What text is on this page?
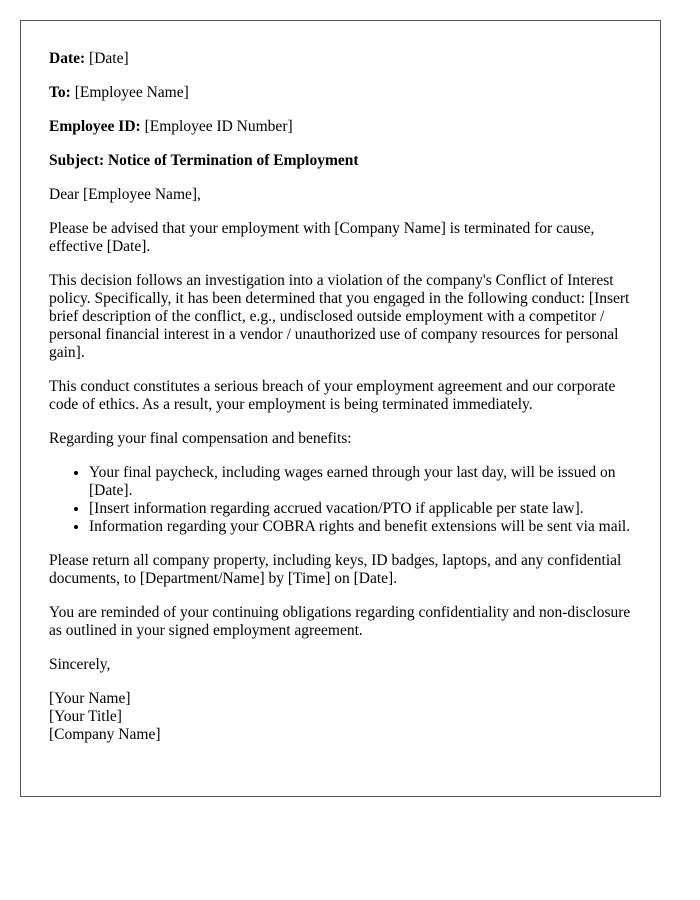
Date: [Date]

To: [Employee Name]

Employee ID: [Employee ID Number]

Subject: Notice of Termination of Employment

Dear [Employee Name],

Please be advised that your employment with [Company Name] is terminated for cause, effective [Date].

This decision follows an investigation into a violation of the company's Conflict of Interest policy. Specifically, it has been determined that you engaged in the following conduct: [Insert brief description of the conflict, e.g., undisclosed outside employment with a competitor / personal financial interest in a vendor / unauthorized use of company resources for personal gain].

This conduct constitutes a serious breach of your employment agreement and our corporate code of ethics. As a result, your employment is being terminated immediately.

Regarding your final compensation and benefits:

• Your final paycheck, including wages earned through your last day, will be issued on [Date].
• [Insert information regarding accrued vacation/PTO if applicable per state law].
• Information regarding your COBRA rights and benefit extensions will be sent via mail.

Please return all company property, including keys, ID badges, laptops, and any confidential documents, to [Department/Name] by [Time] on [Date].

You are reminded of your continuing obligations regarding confidentiality and non-disclosure as outlined in your signed employment agreement.

Sincerely,

[Your Name]
[Your Title]
[Company Name]
